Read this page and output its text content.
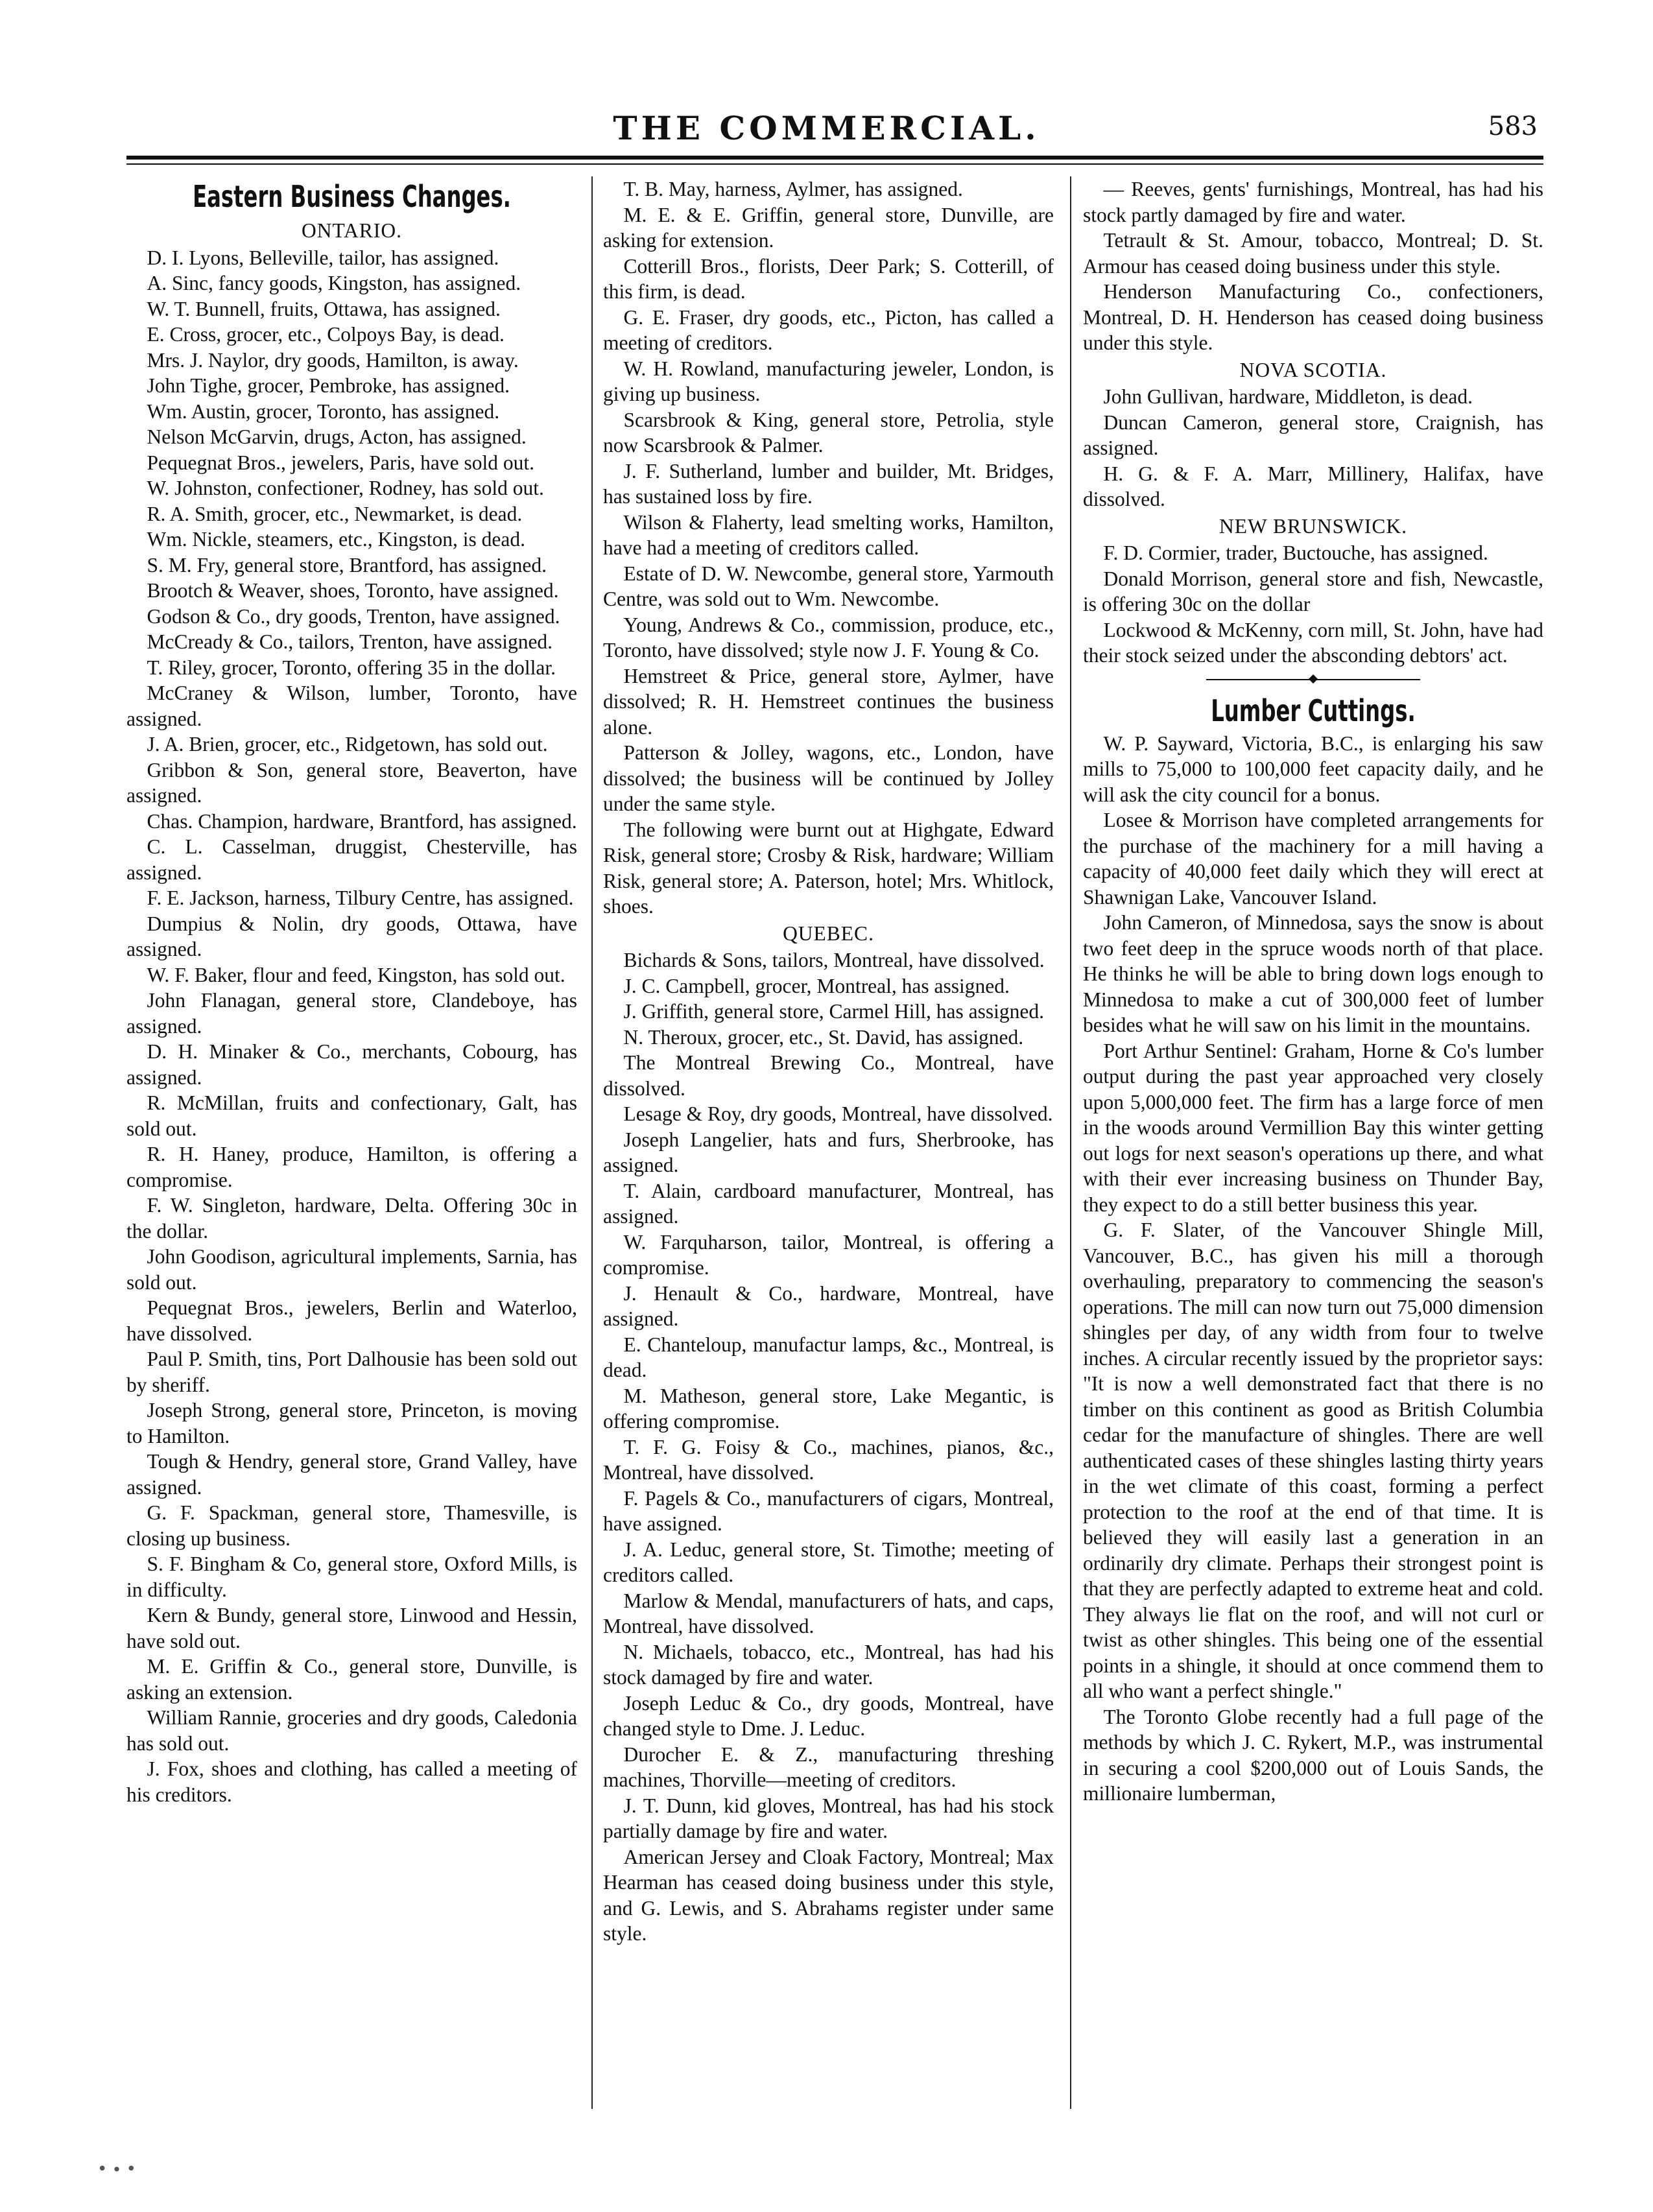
THE COMMERCIAL.	583

Eastern Business Changes.

ONTARIO.

D. I. Lyons, Belleville, tailor, has assigned.

A. Sinc, fancy goods, Kingston, has assigned.

W. T. Bunnell, fruits, Ottawa, has assigned.

E. Cross, grocer, etc., Colpoys Bay, is dead.

Mrs. J. Naylor, dry goods, Hamilton, is away.

John Tighe, grocer, Pembroke, has assigned.

Wm. Austin, grocer, Toronto, has assigned.

Nelson McGarvin, drugs, Acton, has assigned.

Pequegnat Bros., jewelers, Paris, have sold out.

W. Johnston, confectioner, Rodney, has sold out.

R. A. Smith, grocer, etc., Newmarket, is dead.

Wm. Nickle, steamers, etc., Kingston, is dead.

S. M. Fry, general store, Brantford, has assigned.

Brootch & Weaver, shoes, Toronto, have assigned.

Godson & Co., dry goods, Trenton, have assigned.

McCready & Co., tailors, Trenton, have assigned.

T. Riley, grocer, Toronto, offering 35 in the dollar.

McCraney & Wilson, lumber, Toronto, have assigned.

J. A. Brien, grocer, etc., Ridgetown, has sold out.

Gribbon & Son, general store, Beaverton, have assigned.

Chas. Champion, hardware, Brantford, has assigned.

C. L. Casselman, druggist, Chesterville, has assigned.

F. E. Jackson, harness, Tilbury Centre, has assigned.

Dumpius & Nolin, dry goods, Ottawa, have assigned.

W. F. Baker, flour and feed, Kingston, has sold out.

John Flanagan, general store, Clandeboye, has assigned.

D. H. Minaker & Co., merchants, Cobourg, has assigned.

R. McMillan, fruits and confectionary, Galt, has sold out.

R. H. Haney, produce, Hamilton, is offering a compromise.

F. W. Singleton, hardware, Delta. Offering 30c in the dollar.

John Goodison, agricultural implements, Sarnia, has sold out.

Pequegnat Bros., jewelers, Berlin and Waterloo, have dissolved.

Paul P. Smith, tins, Port Dalhousie has been sold out by sheriff.

Joseph Strong, general store, Princeton, is moving to Hamilton.

Tough & Hendry, general store, Grand Valley, have assigned.

G. F. Spackman, general store, Thamesville, is closing up business.

S. F. Bingham & Co, general store, Oxford Mills, is in difficulty.

Kern & Bundy, general store, Linwood and Hessin, have sold out.

M. E. Griffin & Co., general store, Dunville, is asking an extension.

William Rannie, groceries and dry goods, Caledonia has sold out.

J. Fox, shoes and clothing, has called a meeting of his creditors.

T. B. May, harness, Aylmer, has assigned.

M. E. & E. Griffin, general store, Dunville, are asking for extension.

Cotterill Bros., florists, Deer Park; S. Cotterill, of this firm, is dead.

G. E. Fraser, dry goods, etc., Picton, has called a meeting of creditors.

W. H. Rowland, manufacturing jeweler, London, is giving up business.

Scarsbrook & King, general store, Petrolia, style now Scarsbrook & Palmer.

J. F. Sutherland, lumber and builder, Mt. Bridges, has sustained loss by fire.

Wilson & Flaherty, lead smelting works, Hamilton, have had a meeting of creditors called.

Estate of D. W. Newcombe, general store, Yarmouth Centre, was sold out to Wm. Newcombe.

Young, Andrews & Co., commission, produce, etc., Toronto, have dissolved; style now J. F. Young & Co.

Hemstreet & Price, general store, Aylmer, have dissolved; R. H. Hemstreet continues the business alone.

Patterson & Jolley, wagons, etc., London, have dissolved; the business will be continued by Jolley under the same style.

The following were burnt out at Highgate, Edward Risk, general store; Crosby & Risk, hardware; William Risk, general store; A. Paterson, hotel; Mrs. Whitlock, shoes.

QUEBEC.

Bichards & Sons, tailors, Montreal, have dissolved.

J. C. Campbell, grocer, Montreal, has assigned.

J. Griffith, general store, Carmel Hill, has assigned.

N. Theroux, grocer, etc., St. David, has assigned.

The Montreal Brewing Co., Montreal, have dissolved.

Lesage & Roy, dry goods, Montreal, have dissolved.

Joseph Langelier, hats and furs, Sherbrooke, has assigned.

T. Alain, cardboard manufacturer, Montreal, has assigned.

W. Farquharson, tailor, Montreal, is offering a compromise.

J. Henault & Co., hardware, Montreal, have assigned.

E. Chanteloup, manufactur lamps, &c., Montreal, is dead.

M. Matheson, general store, Lake Megantic, is offering compromise.

T. F. G. Foisy & Co., machines, pianos, &c., Montreal, have dissolved.

F. Pagels & Co., manufacturers of cigars, Montreal, have assigned.

J. A. Leduc, general store, St. Timothe; meeting of creditors called.

Marlow & Mendal, manufacturers of hats, and caps, Montreal, have dissolved.

N. Michaels, tobacco, etc., Montreal, has had his stock damaged by fire and water.

Joseph Leduc & Co., dry goods, Montreal, have changed style to Dme. J. Leduc.

Durocher E. & Z., manufacturing threshing machines, Thorville—meeting of creditors.

J. T. Dunn, kid gloves, Montreal, has had his stock partially damage by fire and water.

American Jersey and Cloak Factory, Montreal; Max Hearman has ceased doing business under this style, and G. Lewis, and S. Abrahams register under same style.

— Reeves, gents' furnishings, Montreal, has had his stock partly damaged by fire and water.

Tetrault & St. Amour, tobacco, Montreal; D. St. Armour has ceased doing business under this style.

Henderson Manufacturing Co., confectioners, Montreal, D. H. Henderson has ceased doing business under this style.

NOVA SCOTIA.

John Gullivan, hardware, Middleton, is dead.

Duncan Cameron, general store, Craignish, has assigned.

H. G. & F. A. Marr, Millinery, Halifax, have dissolved.

NEW BRUNSWICK.

F. D. Cormier, trader, Buctouche, has assigned.

Donald Morrison, general store and fish, Newcastle, is offering 30c on the dollar

Lockwood & McKenny, corn mill, St. John, have had their stock seized under the absconding debtors' act.

Lumber Cuttings.

W. P. Sayward, Victoria, B.C., is enlarging his saw mills to 75,000 to 100,000 feet capacity daily, and he will ask the city council for a bonus.

Losee & Morrison have completed arrangements for the purchase of the machinery for a mill having a capacity of 40,000 feet daily which they will erect at Shawnigan Lake, Vancouver Island.

John Cameron, of Minnedosa, says the snow is about two feet deep in the spruce woods north of that place. He thinks he will be able to bring down logs enough to Minnedosa to make a cut of 300,000 feet of lumber besides what he will saw on his limit in the mountains.

Port Arthur Sentinel: Graham, Horne & Co's lumber output during the past year approached very closely upon 5,000,000 feet. The firm has a large force of men in the woods around Vermillion Bay this winter getting out logs for next season's operations up there, and what with their ever increasing business on Thunder Bay, they expect to do a still better business this year.

G. F. Slater, of the Vancouver Shingle Mill, Vancouver, B.C., has given his mill a thorough overhauling, preparatory to commencing the season's operations. The mill can now turn out 75,000 dimension shingles per day, of any width from four to twelve inches. A circular recently issued by the proprietor says: "It is now a well demonstrated fact that there is no timber on this continent as good as British Columbia cedar for the manufacture of shingles. There are well authenticated cases of these shingles lasting thirty years in the wet climate of this coast, forming a perfect protection to the roof at the end of that time. It is believed they will easily last a generation in an ordinarily dry climate. Perhaps their strongest point is that they are perfectly adapted to extreme heat and cold. They always lie flat on the roof, and will not curl or twist as other shingles. This being one of the essential points in a shingle, it should at once commend them to all who want a perfect shingle."

The Toronto Globe recently had a full page of the methods by which J. C. Rykert, M.P., was instrumental in securing a cool $200,000 out of Louis Sands, the millionaire lumberman,

• ∙ •
